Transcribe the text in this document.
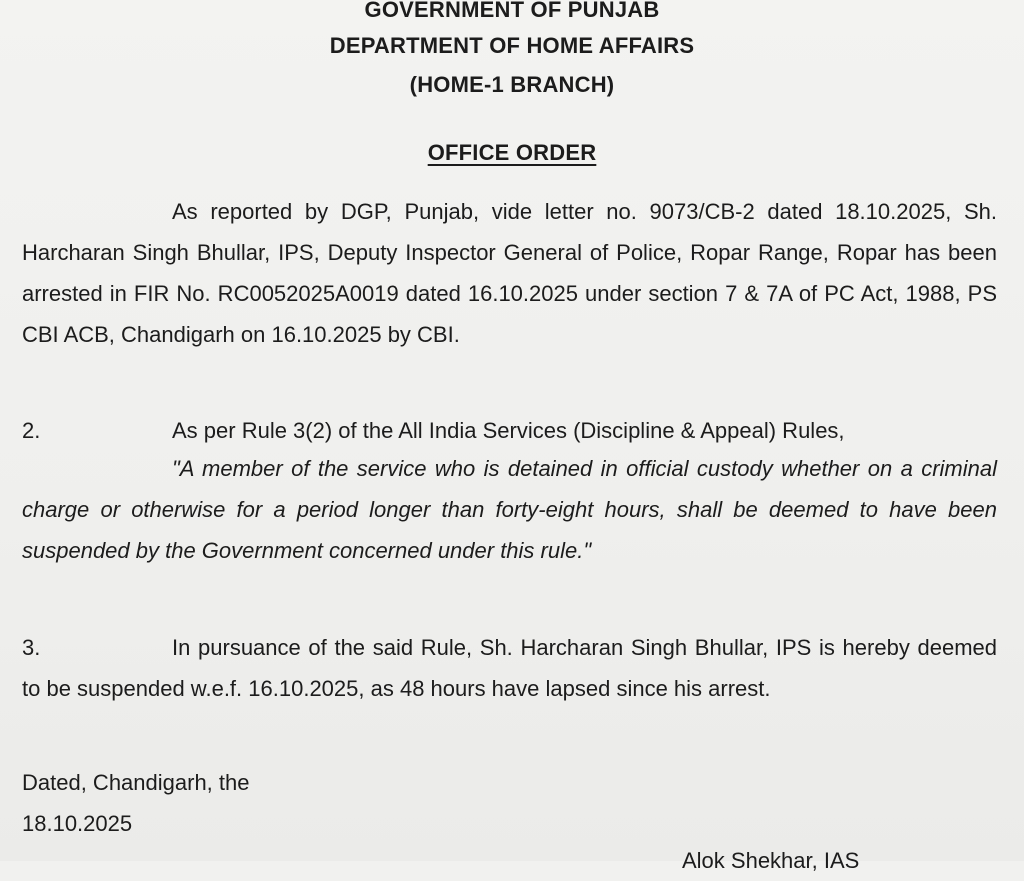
GOVERNMENT OF PUNJAB
DEPARTMENT OF HOME AFFAIRS
(HOME-1 BRANCH)
OFFICE ORDER
As reported by DGP, Punjab, vide letter no. 9073/CB-2 dated 18.10.2025, Sh. Harcharan Singh Bhullar, IPS, Deputy Inspector General of Police, Ropar Range, Ropar has been arrested in FIR No. RC0052025A0019 dated 16.10.2025 under section 7 & 7A of PC Act, 1988, PS CBI ACB, Chandigarh on 16.10.2025 by CBI.
2.	As per Rule 3(2) of the All India Services (Discipline & Appeal) Rules,
"A member of the service who is detained in official custody whether on a criminal charge or otherwise for a period longer than forty-eight hours, shall be deemed to have been suspended by the Government concerned under this rule."
3.	In pursuance of the said Rule, Sh. Harcharan Singh Bhullar, IPS is hereby deemed to be suspended w.e.f. 16.10.2025, as 48 hours have lapsed since his arrest.
Dated, Chandigarh, the
18.10.2025
Alok Shekhar, IAS
